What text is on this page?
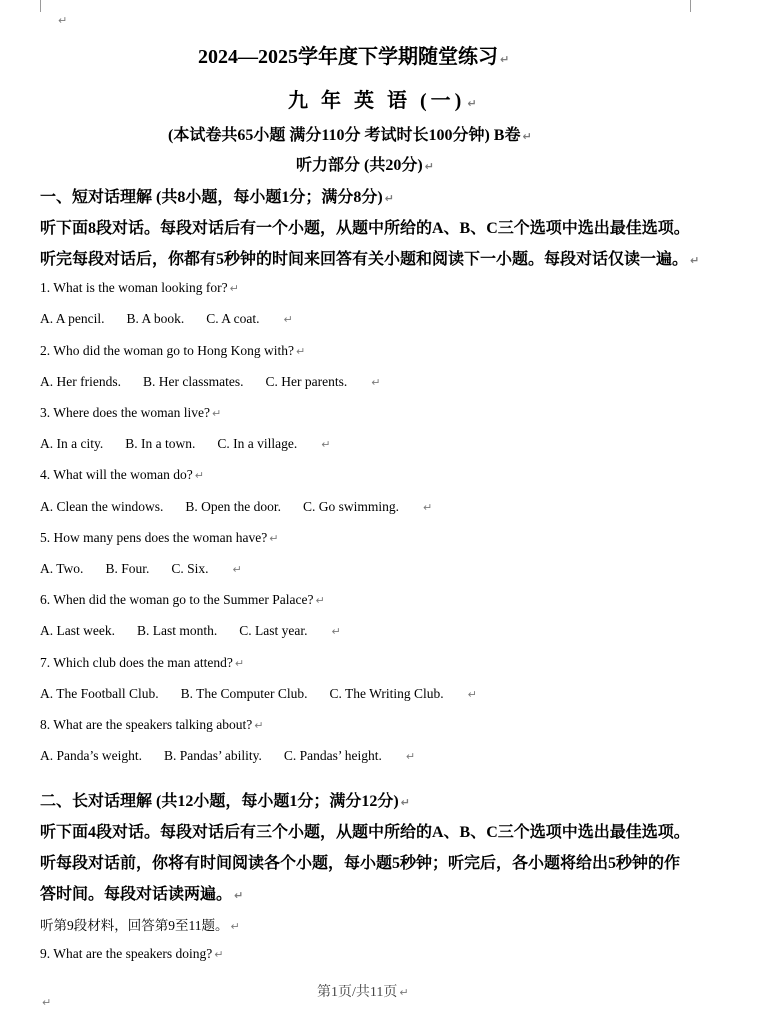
↵
2024—2025学年度下学期随堂练习 ↵
九 年 英 语 (一) ↵
(本试卷共65小题 满分110分 考试时长100分钟) B卷 ↵
听力部分 (共20分) ↵
一、短对话理解 (共8小题，每小题1分；满分8分) ↵
听下面8段对话。每段对话后有一个小题，从题中所给的A、B、C三个选项中选出最佳选项。
听完每段对话后，你都有5秒钟的时间来回答有关小题和阅读下一小题。每段对话仅读一遍。 ↵
1. What is the woman looking for? ↵
A. A pencil. B. A book. C. A coat. ↵
2. Who did the woman go to Hong Kong with? ↵
A. Her friends. B. Her classmates. C. Her parents. ↵
3. Where does the woman live? ↵
A. In a city. B. In a town. C. In a village. ↵
4. What will the woman do? ↵
A. Clean the windows. B. Open the door. C. Go swimming. ↵
5. How many pens does the woman have? ↵
A. Two. B. Four. C. Six. ↵
6. When did the woman go to the Summer Palace? ↵
A. Last week. B. Last month. C. Last year. ↵
7. Which club does the man attend? ↵
A. The Football Club. B. The Computer Club. C. The Writing Club. ↵
8. What are the speakers talking about? ↵
A. Panda’s weight. B. Pandas’ ability. C. Pandas’ height. ↵
二、长对话理解 (共12小题，每小题1分；满分12分) ↵
听下面4段对话。每段对话后有三个小题，从题中所给的A、B、C三个选项中选出最佳选项。
听每段对话前，你将有时间阅读各个小题，每小题5秒钟；听完后，各小题将给出5秒钟的作
答时间。每段对话读两遍。 ↵
听第9段材料，回答第9至11题。 ↵
9. What are the speakers doing? ↵
第1页/共11页 ↵
↵
